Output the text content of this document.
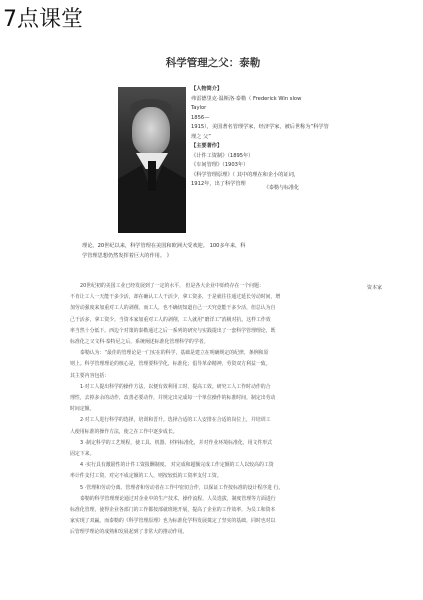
7点课堂
科学管理之父：泰勒
【人物简介】
弗雷德里克·温斯洛·泰勒（ Frederick Win slow
Taylor
1856—
1915），美国著名管理学家，经济学家，被后世称为“科学管
理之 父”
【主要著作】
《计件工资制》（1895年）
《车间管理》（1903年）
《科学管理原理》（ 其中的理在和企小的证词，
1912年，出了科学管理
《泰勒与标准化
理论。20世纪以来，科学管理在美国和欧洲大受欢迎。 100多年来，科
学管理思想仍然发挥着巨大的作用。 》
资本家
20世纪初的美国工业已经发展到了一定的水平， 但是各大企业中始终存在一个问题：
不肯让工人一天能干多少活，却在确认工人干活少，拿工资多，于是就往往通过延长劳动时间，增
加劳动强度来加重对工人的剥削。而工人，也不确切知道自己一天究竟能干多少活，但总认为自
己干活多，拿工资少。当资本家加重对工人的剥削，工人就用“磨洋工”消极对抗，这样工作效
率当然十分低下。西边个对策的泰勒通过之后一系列的研究与实践提出了一套科学管理理论，既
标准化之父文科·泰特尼之后，系统阐述标准化管理科学的学者。
泰勒认为：“最佳的管理论是一门实在的科学，基础是建立在明确规定的纪律，条例和原
则上。科学管理理论的核心是，管理要科学化，标准化；倡导革命精神，劳资双方利益一致。
其主要内容包括：
1·对工人提出科学的操作方法，以便有效利用工时，提高工效。研究工人工作时动作的合
理性，去掉多余的动作，改善必要动作，并规定出完成每一个单位操作的标准时间，制定出劳动
时间定额。
2·对工人进行科学的选择，培训和晋升。选择合适的工人安排在合适的岗位上，并培训工
人使用标准的操作方法，使之在工作中逐步成长。
3 ·制定科学的工艺规程，使工具、机器、材料标准化，并对作业环境标准化，用文件形式
固定下来。
4 ·实行具有激励性的计件工资报酬制度。 对完成和超额完成工作定额的工人以较高的工资
率计件支付工资，对完不成定额的工人，则按较低的工资率支付工资。
5 ·管理和劳动分离。管理者和劳动者在工作中密切合作，以保证工作按标准的设计程序进 行。
泰勒的科学管理理论通过对企业中的生产技术，操作流程，人员选拔，制度管理等方面进行
标准化管理，使得企业各部门的工作都按部就班地开展，提高了企业的工作效率，为员工和资本
家实现了双赢。而泰勒的《科学管理原理》也为标准化学科发展奠定了坚实的基础，同时也对以
后管理学理论的成熟和发展起到了非常大的推动作用。
